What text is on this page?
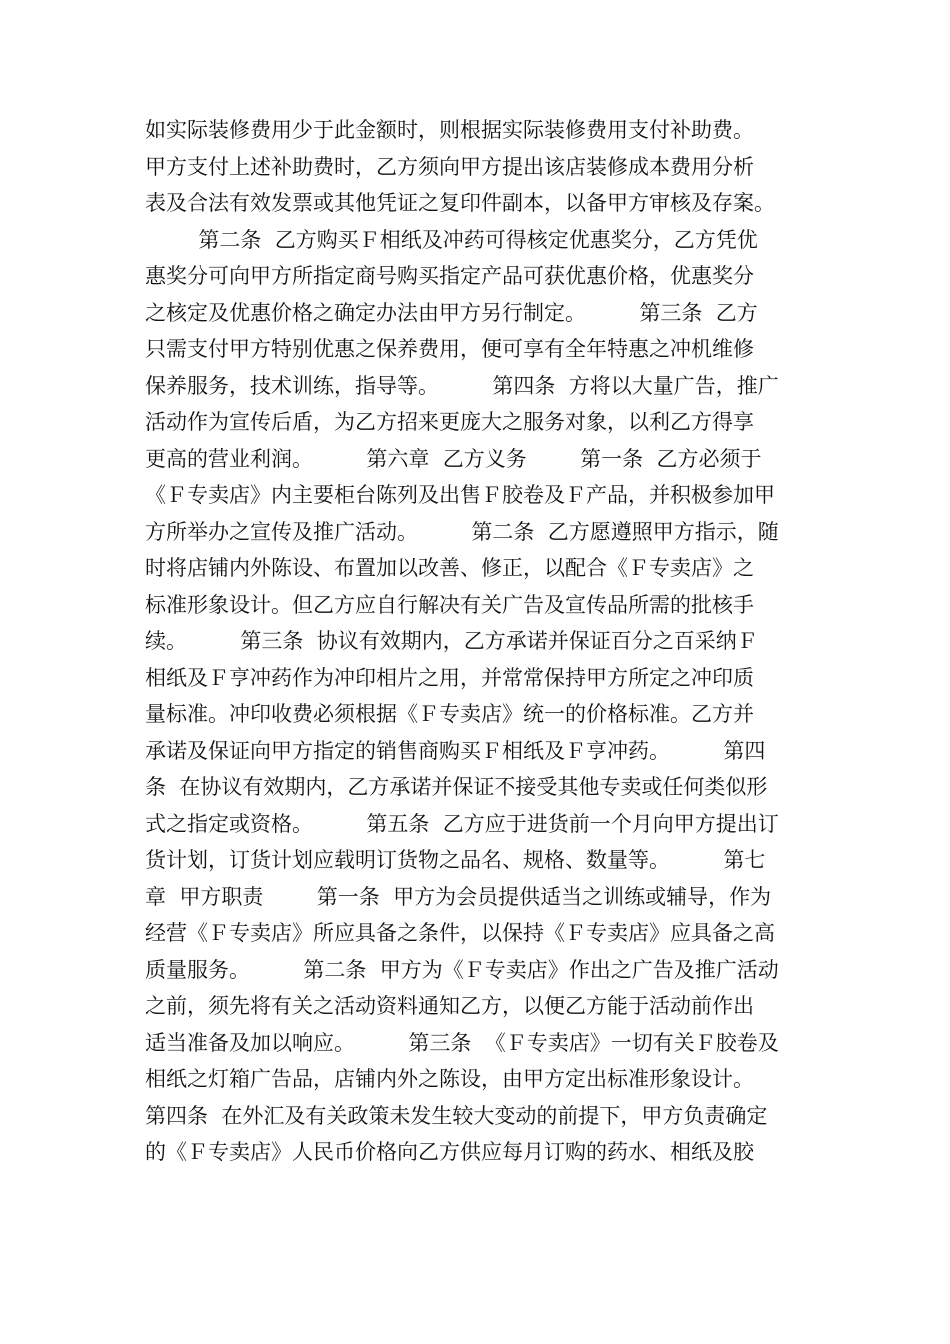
如实际装修费用少于此金额时，则根据实际装修费用支付补助费。
甲方支付上述补助费时，乙方须向甲方提出该店装修成本费用分析
表及合法有效发票或其他凭证之复印件副本，以备甲方审核及存案。
第二条  乙方购买Ｆ相纸及冲药可得核定优惠奖分，乙方凭优
惠奖分可向甲方所指定商号购买指定产品可获优惠价格，优惠奖分
之核定及优惠价格之确定办法由甲方另行制定。        第三条  乙方
只需支付甲方特别优惠之保养费用，便可享有全年特惠之冲机维修
保养服务，技术训练，指导等。        第四条  方将以大量广告，推广
活动作为宣传后盾，为乙方招来更庞大之服务对象，以利乙方得享
更高的营业利润。        第六章  乙方义务        第一条  乙方必须于
《Ｆ专卖店》内主要柜台陈列及出售Ｆ胶卷及Ｆ产品，并积极参加甲
方所举办之宣传及推广活动。        第二条  乙方愿遵照甲方指示，随
时将店铺内外陈设、布置加以改善、修正，以配合《Ｆ专卖店》之
标准形象设计。但乙方应自行解决有关广告及宣传品所需的批核手
续。        第三条  协议有效期内，乙方承诺并保证百分之百采纳Ｆ
相纸及Ｆ亨冲药作为冲印相片之用，并常常保持甲方所定之冲印质
量标准。冲印收费必须根据《Ｆ专卖店》统一的价格标准。乙方并
承诺及保证向甲方指定的销售商购买Ｆ相纸及Ｆ亨冲药。        第四
条  在协议有效期内，乙方承诺并保证不接受其他专卖或任何类似形
式之指定或资格。        第五条  乙方应于进货前一个月向甲方提出订
货计划，订货计划应载明订货物之品名、规格、数量等。        第七
章  甲方职责        第一条  甲方为会员提供适当之训练或辅导，作为
经营《Ｆ专卖店》所应具备之条件，以保持《Ｆ专卖店》应具备之高
质量服务。        第二条  甲方为《Ｆ专卖店》作出之广告及推广活动
之前，须先将有关之活动资料通知乙方，以便乙方能于活动前作出
适当准备及加以响应。        第三条  《Ｆ专卖店》一切有关Ｆ胶卷及
相纸之灯箱广告品，店铺内外之陈设，由甲方定出标准形象设计。
第四条  在外汇及有关政策未发生较大变动的前提下，甲方负责确定
的《Ｆ专卖店》人民币价格向乙方供应每月订购的药水、相纸及胶
